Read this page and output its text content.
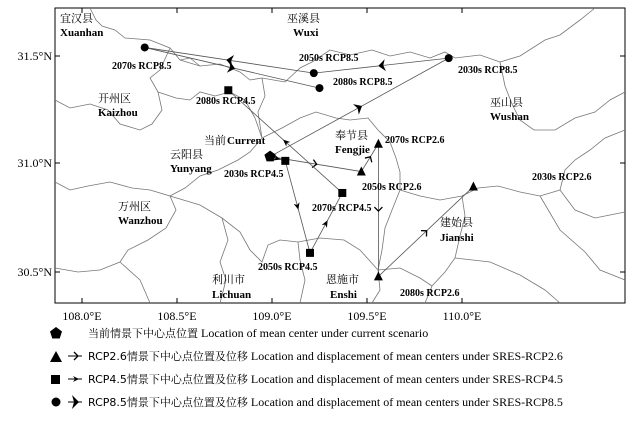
108.0°E	108.5°E	109.0°E	109.5°E	110.0°E
31.5°N
31.0°N
30.5°N
宜汉县
Xuanhan
巫溪县
Wuxi
开州区
Kaizhou
巫山县
Wushan
云阳县
Yunyang
奉节县
Fengjie
万州区
Wanzhou	建始县
Jianshi
利川市
Lichuan
恩施市
Enshi
当前 Current	2070s RCP2.6
2050s RCP2.6
2080s RCP2.6
2030s RCP2.6
2030s RCP4.5
2050s RCP4.5
2070s RCP4.5
2080s RCP4.5
2030s RCP8.5
2050s RCP8.5
2070s RCP8.5
2080s RCP8.5
当前情景下中心点位置 Location of mean center under current scenario
RCP2.6情景下中心点位置及位移 Location and displacement of mean centers under SRES-RCP2.6
RCP4.5情景下中心点位置及位移 Location and displacement of mean centers under SRES-RCP4.5
RCP8.5情景下中心点位置及位移 Location and displacement of mean centers under SRES-RCP8.5
